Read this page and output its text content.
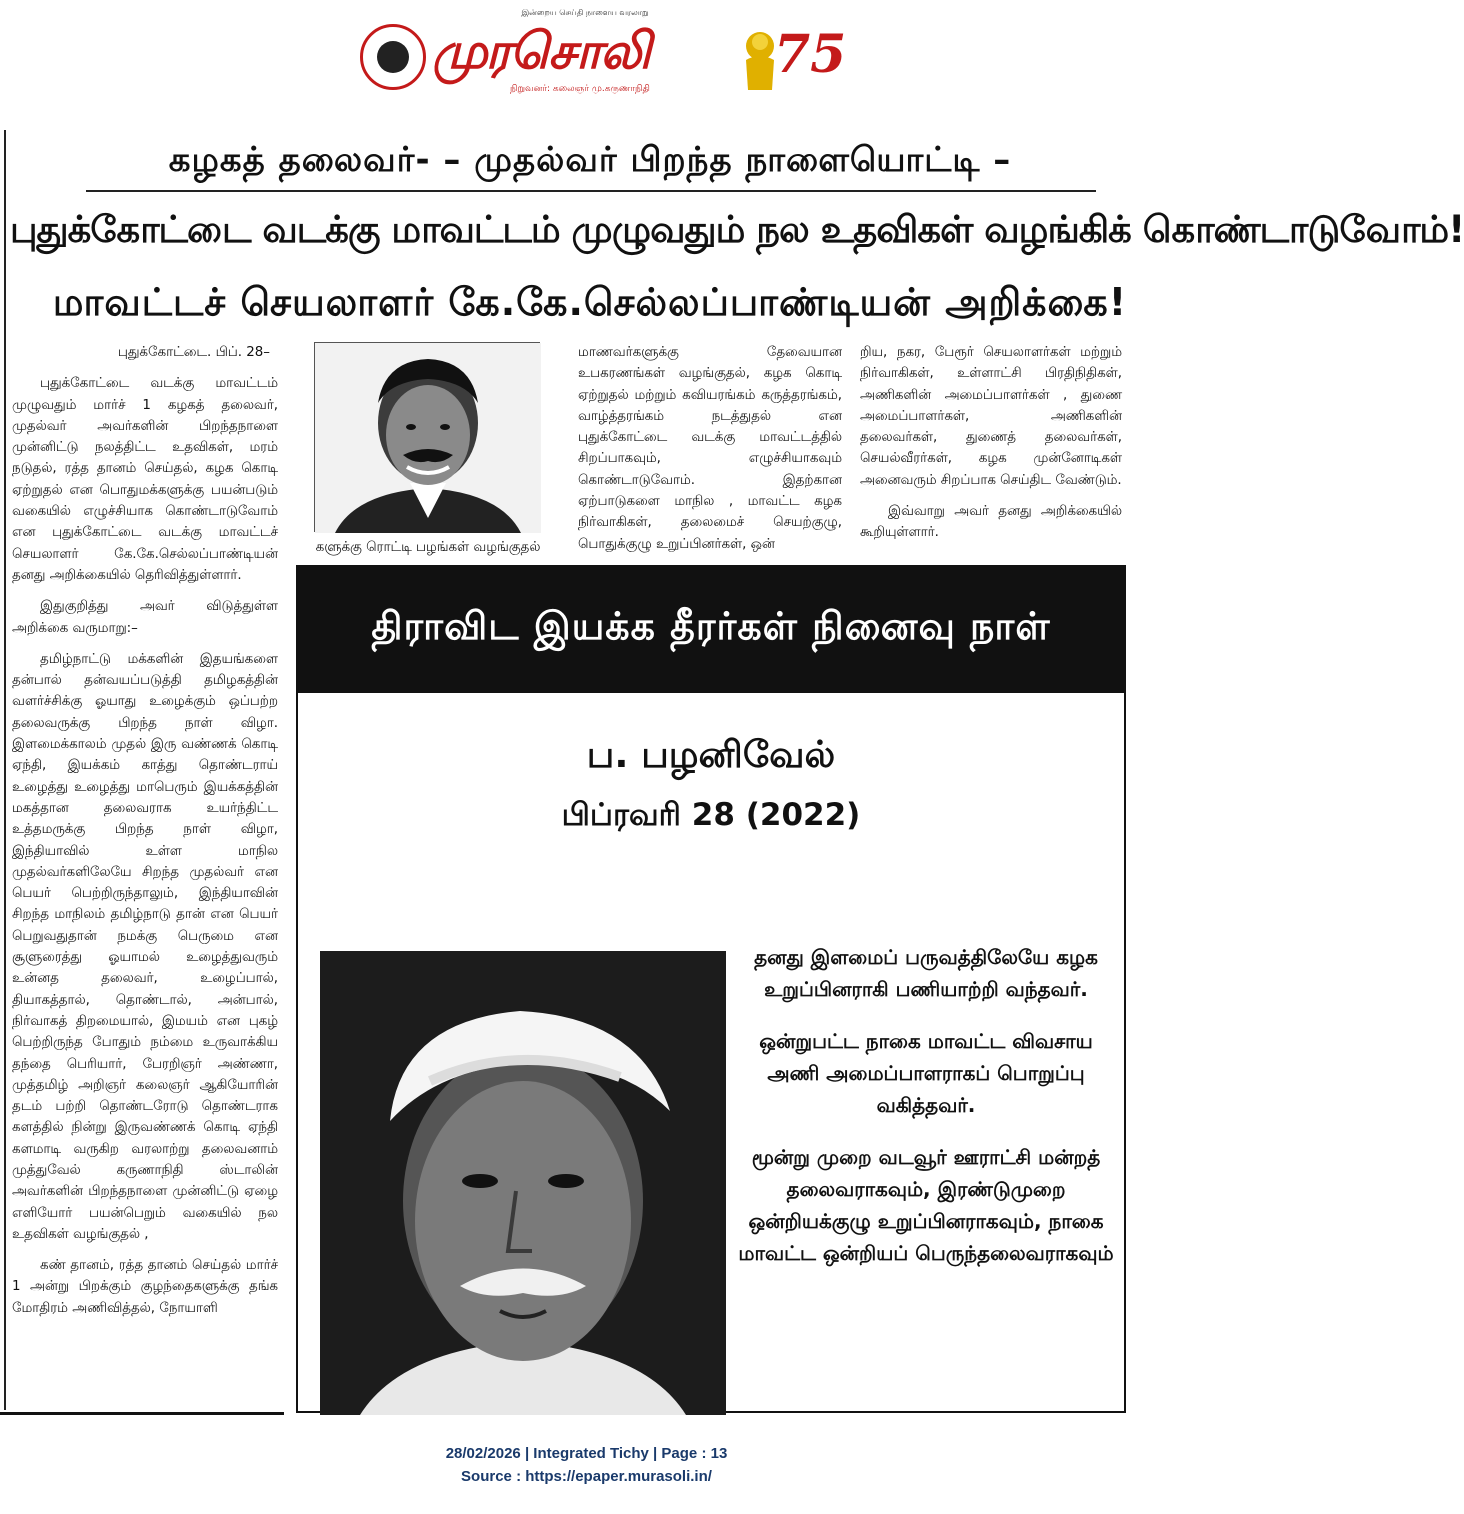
இன்றைய செய்தி நாளைய வரலாறு
முரசொலி
நிறுவனர்: கலைஞர் மு.கருணாநிதி
75
கழகத் தலைவர்- – முதல்வர் பிறந்த நாளையொட்டி –
புதுக்கோட்டை வடக்கு மாவட்டம் முழுவதும் நல உதவிகள் வழங்கிக் கொண்டாடுவோம்!
மாவட்டச் செயலாளர் கே.கே.செல்லப்பாண்டியன் அறிக்கை!

புதுக்கோட்டை. பிப். 28–

புதுக்கோட்டை வடக்கு மாவட்டம் முழுவதும் மார்ச் 1 கழகத் தலைவர், முதல்வர் அவர்களின் பிறந்தநாளை முன்னிட்டு நலத்திட்ட உதவிகள், மரம் நடுதல், ரத்த தானம் செய்தல், கழக கொடி ஏற்றுதல் என பொதுமக்களுக்கு பயன்படும் வகையில் எழுச்சியாக கொண்டாடுவோம் என புதுக்கோட்டை வடக்கு மாவட்டச் செயலாளர் கே.கே.செல்லப்பாண்டியன் தனது அறிக்கையில் தெரிவித்துள்ளார்.

இதுகுறித்து அவர் விடுத்துள்ள அறிக்கை வருமாறு:–

தமிழ்நாட்டு மக்களின் இதயங்களை தன்பால் தன்வயப்படுத்தி தமிழகத்தின் வளர்ச்சிக்கு ஓயாது உழைக்கும் ஒப்பற்ற தலைவருக்கு பிறந்த நாள் விழா. இளமைக்காலம் முதல் இரு வண்ணக் கொடி ஏந்தி, இயக்கம் காத்து தொண்டராய் உழைத்து உழைத்து மாபெரும் இயக்கத்தின் மகத்தான தலைவராக உயர்ந்திட்ட உத்தமருக்கு பிறந்த நாள் விழா, இந்தியாவில் உள்ள மாநில முதல்வர்களிலேயே சிறந்த முதல்வர் என பெயர் பெற்றிருந்தாலும், இந்தியாவின் சிறந்த மாநிலம் தமிழ்நாடு தான் என பெயர் பெறுவதுதான் நமக்கு பெருமை என சூளுரைத்து ஓயாமல் உழைத்துவரும் உன்னத தலைவர், உழைப்பால், தியாகத்தால், தொண்டால், அன்பால், நிர்வாகத் திறமையால், இமயம் என புகழ் பெற்றிருந்த போதும் நம்மை உருவாக்கிய தந்தை பெரியார், பேரறிஞர் அண்ணா, முத்தமிழ் அறிஞர் கலைஞர் ஆகியோரின் தடம் பற்றி தொண்டரோடு தொண்டராக களத்தில் நின்று இருவண்ணக் கொடி ஏந்தி களமாடி வருகிற வரலாற்று தலைவனாம் முத்துவேல் கருணாநிதி ஸ்டாலின் அவர்களின் பிறந்தநாளை முன்னிட்டு ஏழை எளியோர் பயன்பெறும் வகையில் நல உதவிகள் வழங்குதல் ,

கண் தானம், ரத்த தானம் செய்தல் மார்ச் 1 அன்று பிறக்கும் குழந்தைகளுக்கு தங்க மோதிரம் அணிவித்தல், நோயாளி

களுக்கு ரொட்டி பழங்கள் வழங்குதல்

மாணவர்களுக்கு தேவையான உபகரணங்கள் வழங்குதல், கழக கொடி ஏற்றுதல் மற்றும் கவியரங்கம் கருத்தரங்கம், வாழ்த்தரங்கம் நடத்துதல் என புதுக்கோட்டை வடக்கு மாவட்டத்தில் சிறப்பாகவும், எழுச்சியாகவும் கொண்டாடுவோம். இதற்கான ஏற்பாடுகளை மாநில , மாவட்ட கழக நிர்வாகிகள், தலைமைச் செயற்குழு, பொதுக்குழு உறுப்பினர்கள், ஒன்

றிய, நகர, பேரூர் செயலாளர்கள் மற்றும் நிர்வாகிகள், உள்ளாட்சி பிரதிநிதிகள், அணிகளின் அமைப்பாளர்கள் , துணை அமைப்பாளர்கள், அணிகளின் தலைவர்கள், துணைத் தலைவர்கள், செயல்வீரர்கள், கழக முன்னோடிகள் அனைவரும் சிறப்பாக செய்திட வேண்டும்.

இவ்வாறு அவர் தனது அறிக்கையில் கூறியுள்ளார்.

திராவிட இயக்க தீரர்கள் நினைவு நாள்
ப. பழனிவேல்
பிப்ரவரி 28 (2022)

தனது இளமைப் பருவத்திலேயே கழக உறுப்பினராகி பணியாற்றி வந்தவர்.

ஒன்றுபட்ட நாகை மாவட்ட விவசாய அணி அமைப்பாளராகப் பொறுப்பு வகித்தவர்.

மூன்று முறை வடவூர் ஊராட்சி மன்றத் தலைவராகவும், இரண்டுமுறை ஒன்றியக்குழு உறுப்பினராகவும், நாகை மாவட்ட ஒன்றியப் பெருந்தலைவராகவும்

28/02/2026 | Integrated Tichy | Page : 13
Source : https://epaper.murasoli.in/
